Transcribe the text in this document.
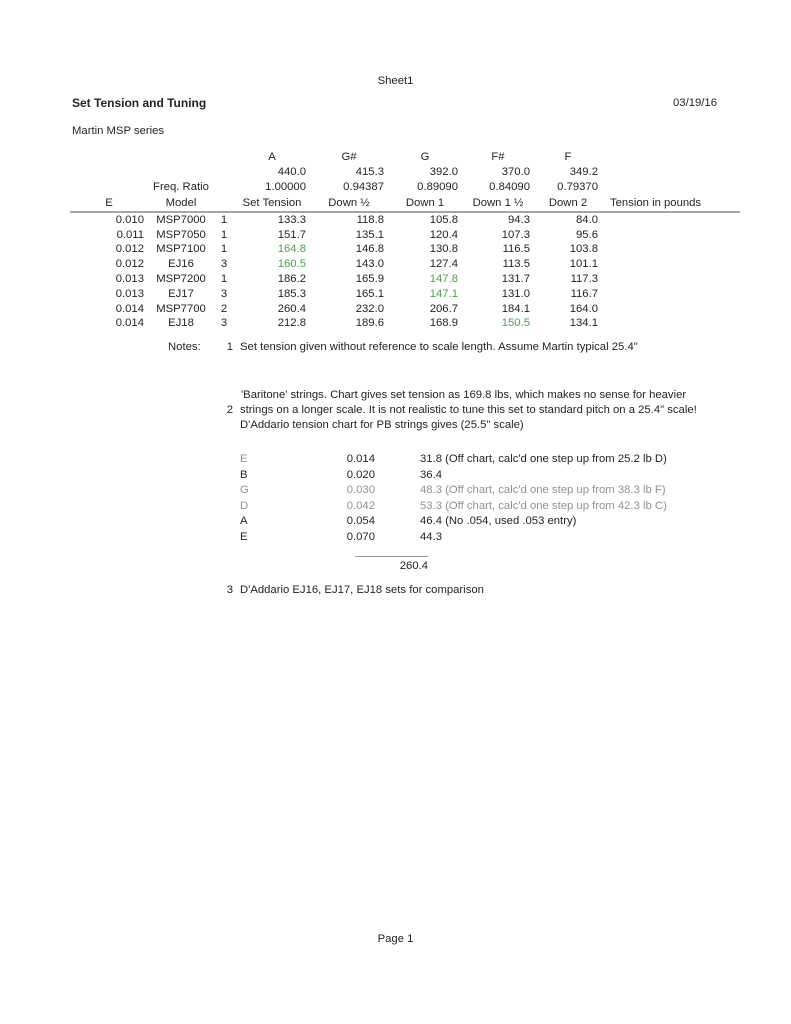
Sheet1
Set Tension and Tuning	03/19/16
Martin MSP series
			A	G#	G	F#	F	
			440.0	415.3	392.0	370.0	349.2	
	Freq. Ratio		1.00000	0.94387	0.89090	0.84090	0.79370	
E	Model		Set Tension	Down ½	Down 1	Down 1 ½	Down 2	Tension in pounds
0.010	MSP7000	1	133.3	118.8	105.8	94.3	84.0	
0.011	MSP7050	1	151.7	135.1	120.4	107.3	95.6	
0.012	MSP7100	1	164.8	146.8	130.8	116.5	103.8	
0.012	EJ16	3	160.5	143.0	127.4	113.5	101.1	
0.013	MSP7200	1	186.2	165.9	147.8	131.7	117.3	
0.013	EJ17	3	185.3	165.1	147.1	131.0	116.7	
0.014	MSP7700	2	260.4	232.0	206.7	184.1	164.0	
0.014	EJ18	3	212.8	189.6	168.9	150.5	134.1	
Notes:	1 Set tension given without reference to scale length. Assume Martin typical 25.4"
2
'Baritone' strings. Chart gives set tension as 169.8 lbs, which makes no sense for heavier
strings on a longer scale. It is not realistic to tune this set to standard pitch on a 25.4" scale!
D'Addario tension chart for PB strings gives (25.5" scale)
E	0.014	31.8 (Off chart, calc'd one step up from 25.2 lb D)
B	0.020	36.4
G	0.030	48.3 (Off chart, calc'd one step up from 38.3 lb F)
D	0.042	53.3 (Off chart, calc'd one step up from 42.3 lb C)
A	0.054	46.4 (No .054, used .053 entry)
E	0.070	44.3
260.4
3 D'Addario EJ16, EJ17, EJ18 sets for comparison
Page 1
